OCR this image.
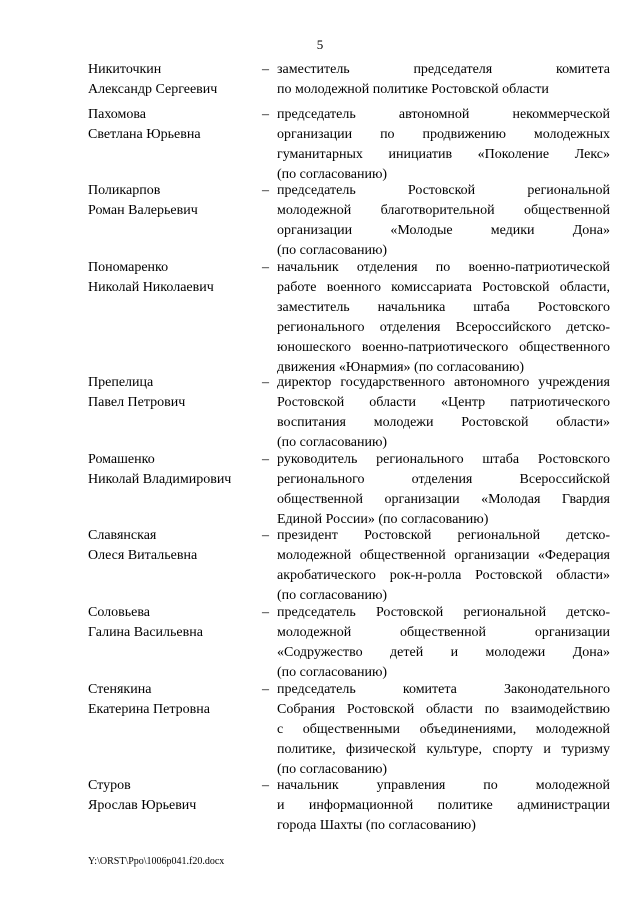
5
Никиточкин
Александр Сергеевич
– заместитель председателя комитета
по молодежной политике Ростовской области
Пахомова
Светлана Юрьевна
– председатель автономной некоммерческой
организации по продвижению молодежных
гуманитарных инициатив «Поколение Лекс»
(по согласованию)
Поликарпов
Роман Валерьевич
– председатель Ростовской региональной
молодежной благотворительной общественной
организации «Молодые медики Дона»
(по согласованию)
Пономаренко
Николай Николаевич
– начальник отделения по военно-патриотической
работе военного комиссариата Ростовской области,
заместитель начальника штаба Ростовского
регионального отделения Всероссийского детско-
юношеского военно-патриотического общественного
движения «Юнармия» (по согласованию)
Препелица
Павел Петрович
– директор государственного автономного учреждения
Ростовской области «Центр патриотического
воспитания молодежи Ростовской области»
(по согласованию)
Ромашенко
Николай Владимирович
– руководитель регионального штаба Ростовского
регионального отделения Всероссийской
общественной организации «Молодая Гвардия
Единой России» (по согласованию)
Славянская
Олеся Витальевна
– президент Ростовской региональной детско-
молодежной общественной организации «Федерация
акробатического рок-н-ролла Ростовской области»
(по согласованию)
Соловьева
Галина Васильевна
– председатель Ростовской региональной детско-
молодежной общественной организации
«Содружество детей и молодежи Дона»
(по согласованию)
Стенякина
Екатерина Петровна
– председатель комитета Законодательного
Собрания Ростовской области по взаимодействию
с общественными объединениями, молодежной
политике, физической культуре, спорту и туризму
(по согласованию)
Стуров
Ярослав Юрьевич
– начальник управления по молодежной
и информационной политике администрации
города Шахты (по согласованию)
Y:\ORST\Ppo\1006p041.f20.docx
